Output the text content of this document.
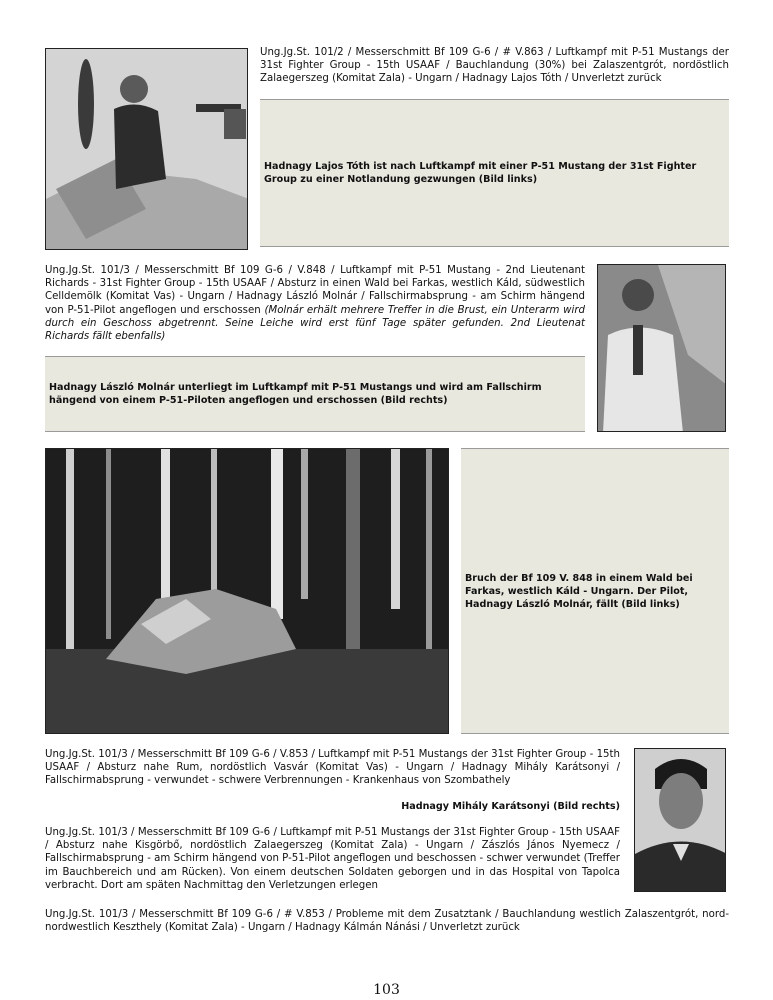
Ung.Jg.St. 101/2 / Messerschmitt Bf 109 G-6 / # V.863 / Luftkampf mit P-51 Mustangs der 31st Fighter Group - 15th USAAF / Bauchlandung (30%) bei Zalaszentgrót, nordöstlich Zalaegerszeg (Komitat Zala) - Ungarn / Hadnagy Lajos Tóth / Unverletzt zurück
Hadnagy Lajos Tóth ist nach Luftkampf mit einer P-51 Mustang der 31st Fighter Group zu einer Notlandung gezwungen (Bild links)
Ung.Jg.St. 101/3 / Messerschmitt Bf 109 G-6 / V.848 / Luftkampf mit P-51 Mustang - 2nd Lieutenant Richards - 31st Fighter Group - 15th USAAF / Absturz in einen Wald bei Farkas, westlich Káld, südwestlich Celldemölk (Komitat Vas) - Ungarn / Hadnagy László Molnár / Fallschirmabsprung - am Schirm hängend von P-51-Pilot angeflogen und erschossen (Molnár erhält mehrere Treffer in die Brust, ein Unterarm wird durch ein Geschoss abgetrennt. Seine Leiche wird erst fünf Tage später gefunden. 2nd Lieutenat Richards fällt ebenfalls)
Hadnagy László Molnár unterliegt im Luftkampf mit P-51 Mustangs und wird am Fallschirm hängend von einem P-51-Piloten angeflogen und erschossen (Bild rechts)
Bruch der Bf 109 V. 848 in einem Wald bei Farkas, westlich Káld - Ungarn. Der Pilot, Hadnagy László Molnár, fällt (Bild links)
Ung.Jg.St. 101/3 / Messerschmitt Bf 109 G-6 / V.853 / Luftkampf mit P-51 Mustangs der 31st Fighter Group - 15th USAAF / Absturz nahe Rum, nordöstlich Vasvár (Komitat Vas) - Ungarn / Hadnagy Mihály Karátsonyi / Fallschirmabsprung - verwundet - schwere Verbrennungen - Krankenhaus von Szombathely
Hadnagy Mihály Karátsonyi (Bild rechts)
Ung.Jg.St. 101/3 / Messerschmitt Bf 109 G-6 / Luftkampf mit P-51 Mustangs der 31st Fighter Group - 15th USAAF / Absturz nahe Kisgörbő, nordöstlich Zalaegerszeg (Komitat Zala) - Ungarn / Zászlós János Nyemecz / Fallschirmabsprung - am Schirm hängend von P-51-Pilot angeflogen und beschossen - schwer verwundet (Treffer im Bauchbereich und am Rücken). Von einem deutschen Soldaten geborgen und in das Hospital von Tapolca verbracht. Dort am späten Nachmittag den Verletzungen erlegen
Ung.Jg.St. 101/3 / Messerschmitt Bf 109 G-6 / # V.853 / Probleme mit dem Zusatztank / Bauchlandung westlich Zalaszentgrót, nord-nordwestlich Keszthely (Komitat Zala) - Ungarn / Hadnagy Kálmán Nánási / Unverletzt zurück
103
